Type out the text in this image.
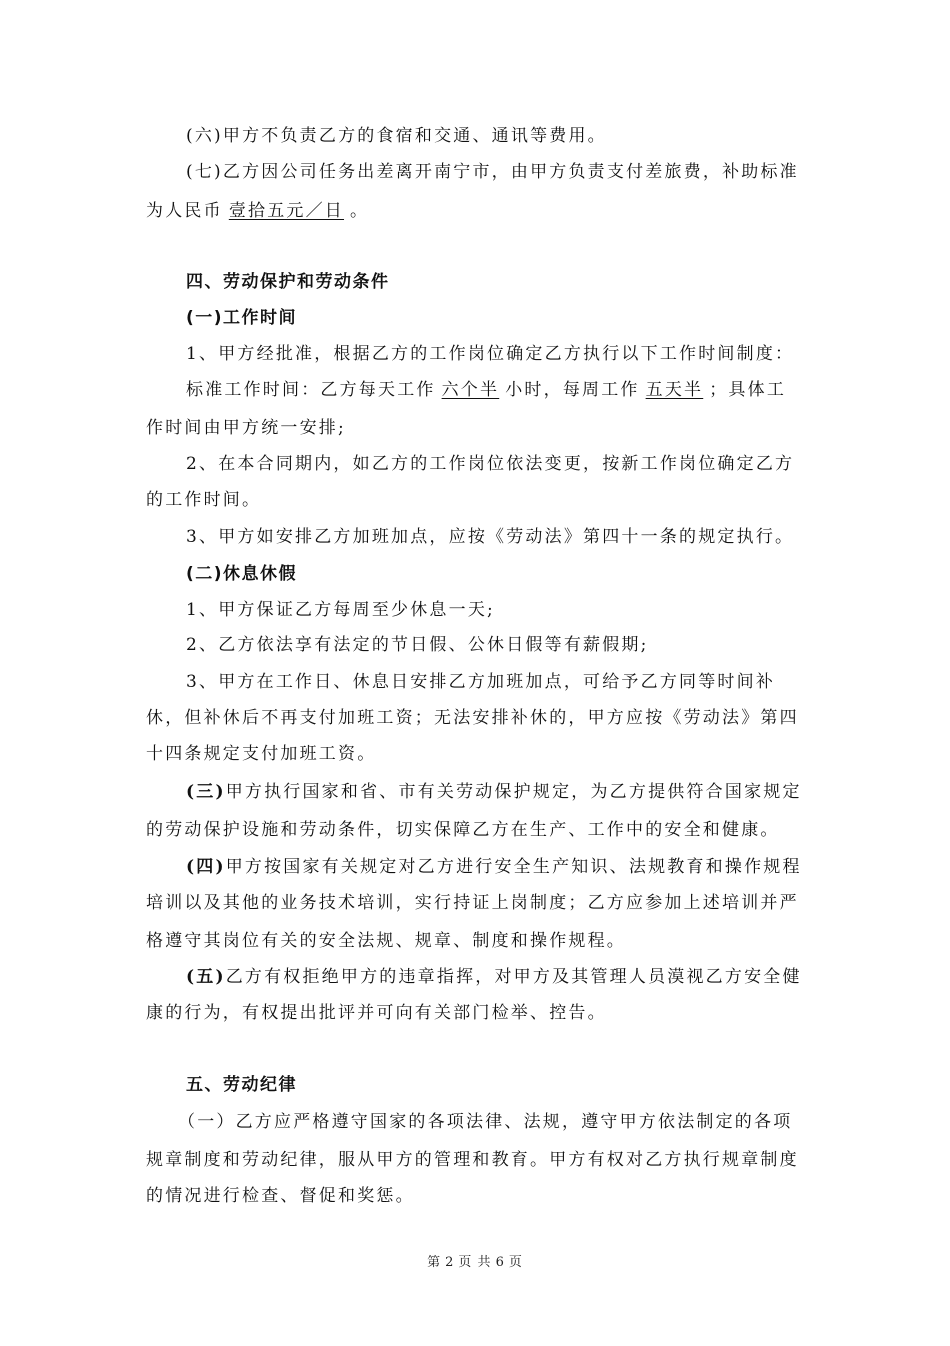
(六)甲方不负责乙方的食宿和交通、通讯等费用。
(七)乙方因公司任务出差离开南宁市，由甲方负责支付差旅费，补助标准
为人民币 壹拾五元／日 。
四、劳动保护和劳动条件
(一)工作时间
1、甲方经批准，根据乙方的工作岗位确定乙方执行以下工作时间制度：
标准工作时间：乙方每天工作 六个半 小时，每周工作 五天半 ；具体工
作时间由甲方统一安排;
2、在本合同期内，如乙方的工作岗位依法变更，按新工作岗位确定乙方
的工作时间。
3、甲方如安排乙方加班加点，应按《劳动法》第四十一条的规定执行。
(二)休息休假
1、甲方保证乙方每周至少休息一天;
2、乙方依法享有法定的节日假、公休日假等有薪假期;
3、甲方在工作日、休息日安排乙方加班加点，可给予乙方同等时间补
休，但补休后不再支付加班工资；无法安排补休的，甲方应按《劳动法》第四
十四条规定支付加班工资。
(三)甲方执行国家和省、市有关劳动保护规定，为乙方提供符合国家规定
的劳动保护设施和劳动条件，切实保障乙方在生产、工作中的安全和健康。
(四)甲方按国家有关规定对乙方进行安全生产知识、法规教育和操作规程
培训以及其他的业务技术培训，实行持证上岗制度；乙方应参加上述培训并严
格遵守其岗位有关的安全法规、规章、制度和操作规程。
(五)乙方有权拒绝甲方的违章指挥，对甲方及其管理人员漠视乙方安全健
康的行为，有权提出批评并可向有关部门检举、控告。
五、劳动纪律
（一）乙方应严格遵守国家的各项法律、法规，遵守甲方依法制定的各项
规章制度和劳动纪律，服从甲方的管理和教育。甲方有权对乙方执行规章制度
的情况进行检查、督促和奖惩。
第 2 页 共 6 页
